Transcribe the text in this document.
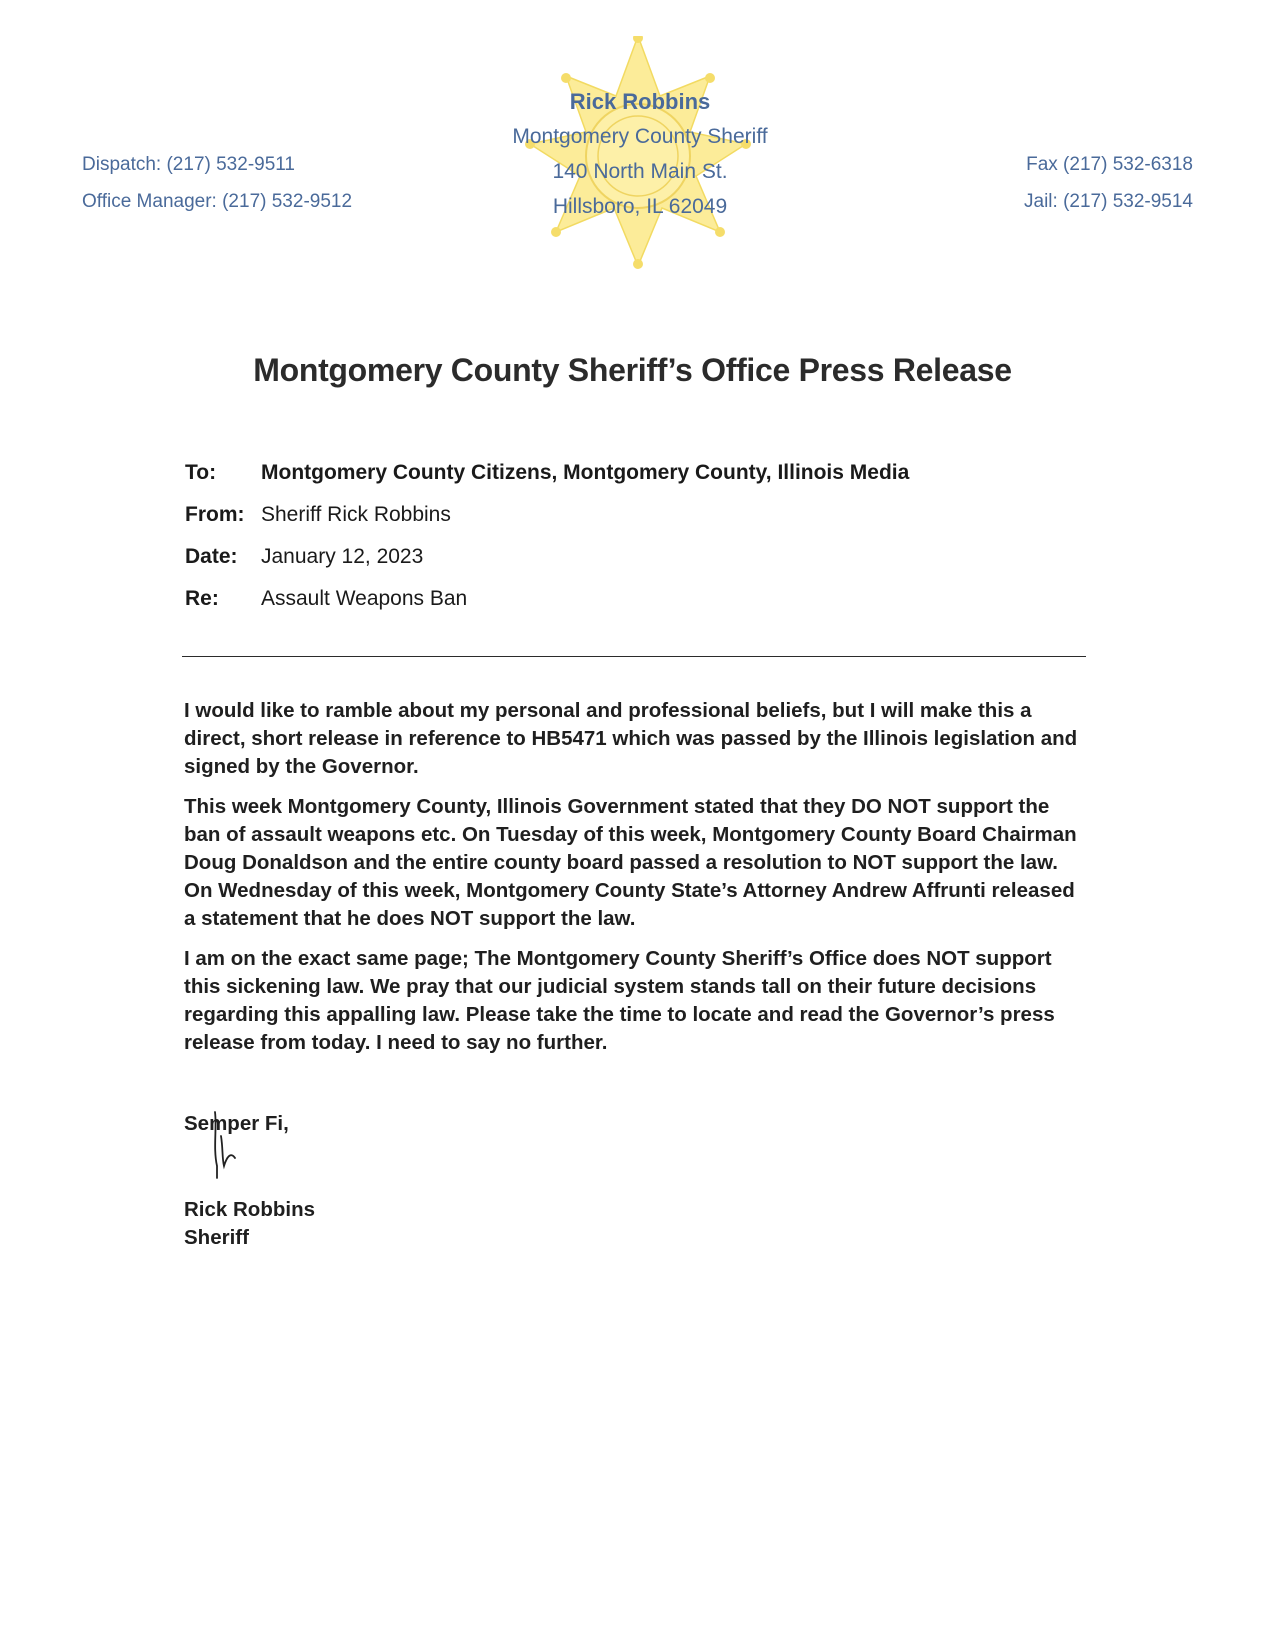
Dispatch: (217) 532-9511
Office Manager: (217) 532-9512
Rick Robbins
Montgomery County Sheriff
140 North Main St.
Hillsboro, IL 62049
Fax (217) 532-6318
Jail: (217) 532-9514
Montgomery County Sheriff’s Office Press Release
To:	Montgomery County Citizens, Montgomery County, Illinois Media
From: Sheriff Rick Robbins
Date:	January 12, 2023
Re:	Assault Weapons Ban

I would like to ramble about my personal and professional beliefs, but I will make this a direct, short release in reference to HB5471 which was passed by the Illinois legislation and signed by the Governor.

This week Montgomery County, Illinois Government stated that they DO NOT support the ban of assault weapons etc. On Tuesday of this week, Montgomery County Board Chairman Doug Donaldson and the entire county board passed a resolution to NOT support the law. On Wednesday of this week, Montgomery County State’s Attorney Andrew Affrunti released a statement that he does NOT support the law.

I am on the exact same page; The Montgomery County Sheriff’s Office does NOT support this sickening law. We pray that our judicial system stands tall on their future decisions regarding this appalling law. Please take the time to locate and read the Governor’s press release from today. I need to say no further.

Semper Fi,
Rick Robbins
Sheriff
